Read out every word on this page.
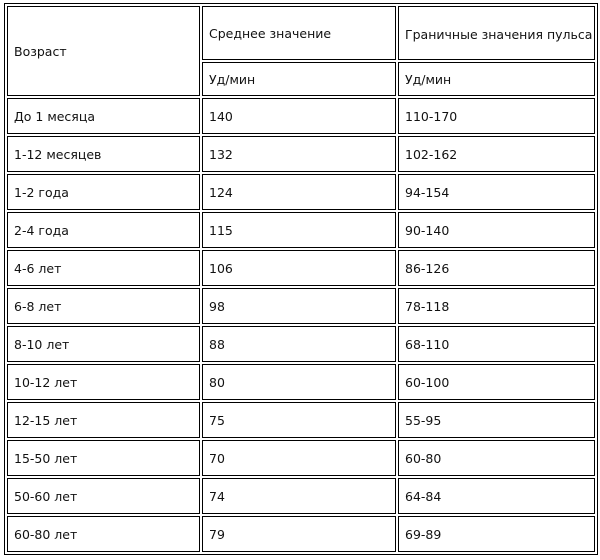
Возраст	Среднее значение	Граничные значения пульса
	Уд/мин	Уд/мин
До 1 месяца	140	110-170
1-12 месяцев	132	102-162
1-2 года	124	94-154
2-4 года	115	90-140
4-6 лет	106	86-126
6-8 лет	98	78-118
8-10 лет	88	68-110
10-12 лет	80	60-100
12-15 лет	75	55-95
15-50 лет	70	60-80
50-60 лет	74	64-84
60-80 лет	79	69-89
